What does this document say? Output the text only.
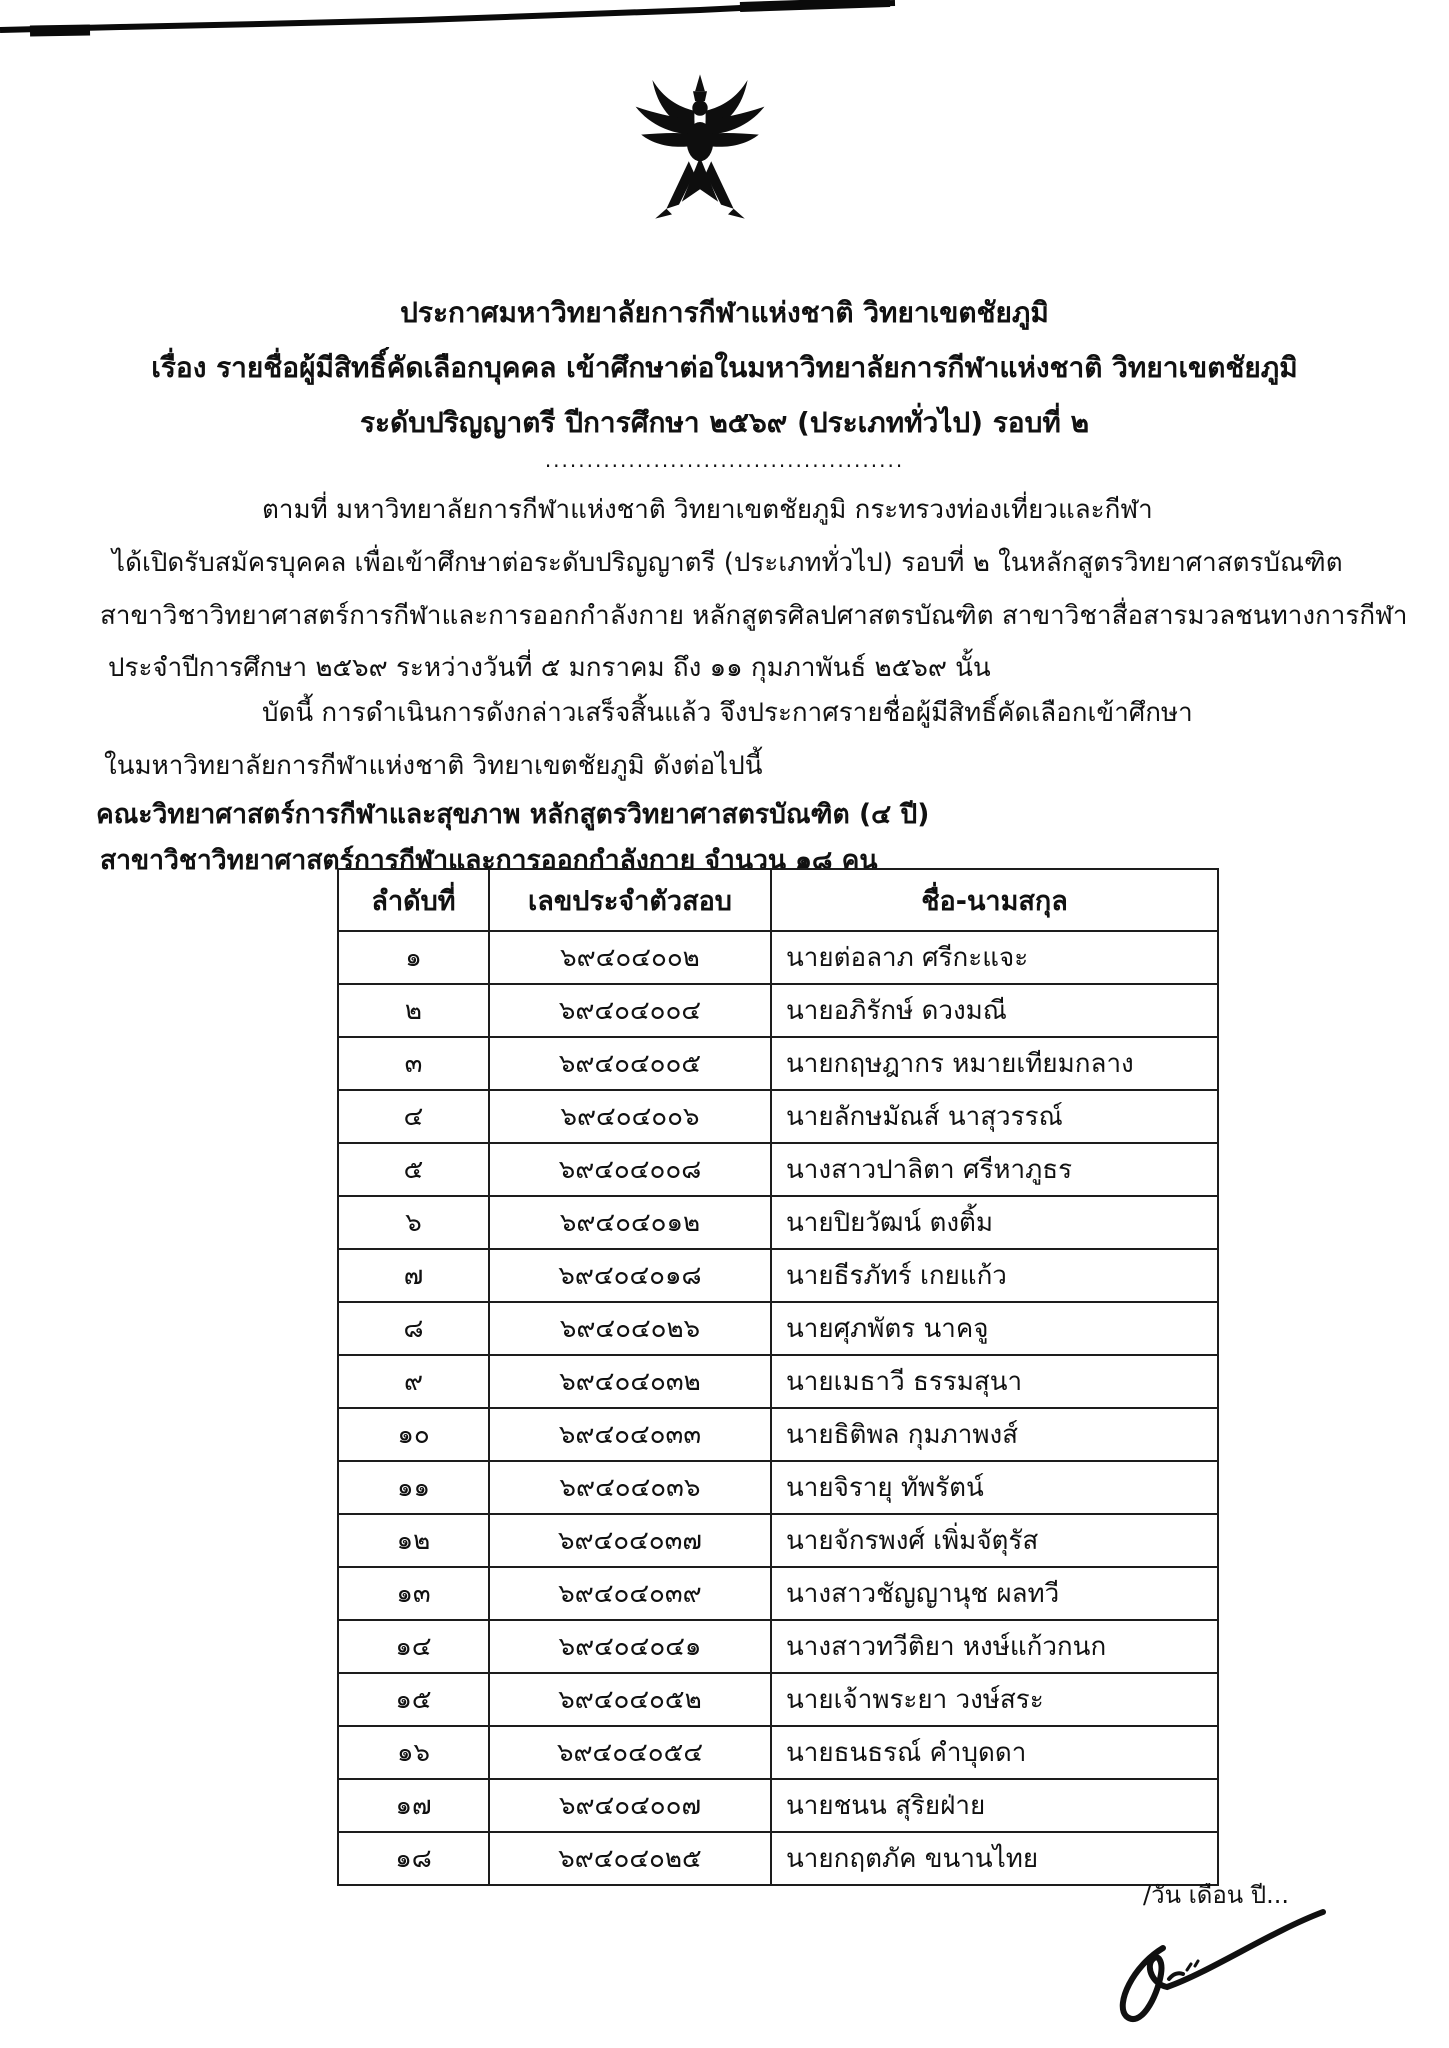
ประกาศมหาวิทยาลัยการกีฬาแห่งชาติ วิทยาเขตชัยภูมิ
เรื่อง รายชื่อผู้มีสิทธิ์คัดเลือกบุคคล เข้าศึกษาต่อในมหาวิทยาลัยการกีฬาแห่งชาติ วิทยาเขตชัยภูมิ
ระดับปริญญาตรี ปีการศึกษา ๒๕๖๙ (ประเภททั่วไป) รอบที่ ๒
...........................................
ตามที่ มหาวิทยาลัยการกีฬาแห่งชาติ วิทยาเขตชัยภูมิ กระทรวงท่องเที่ยวและกีฬา
ได้เปิดรับสมัครบุคคล เพื่อเข้าศึกษาต่อระดับปริญญาตรี (ประเภททั่วไป) รอบที่ ๒ ในหลักสูตรวิทยาศาสตรบัณฑิต
สาขาวิชาวิทยาศาสตร์การกีฬาและการออกกำลังกาย หลักสูตรศิลปศาสตรบัณฑิต สาขาวิชาสื่อสารมวลชนทางการกีฬา
ประจำปีการศึกษา ๒๕๖๙ ระหว่างวันที่ ๕ มกราคม ถึง ๑๑ กุมภาพันธ์ ๒๕๖๙ นั้น
บัดนี้ การดำเนินการดังกล่าวเสร็จสิ้นแล้ว จึงประกาศรายชื่อผู้มีสิทธิ์คัดเลือกเข้าศึกษา
ในมหาวิทยาลัยการกีฬาแห่งชาติ วิทยาเขตชัยภูมิ ดังต่อไปนี้
คณะวิทยาศาสตร์การกีฬาและสุขภาพ หลักสูตรวิทยาศาสตรบัณฑิต (๔ ปี)
สาขาวิชาวิทยาศาสตร์การกีฬาและการออกกำลังกาย จำนวน ๑๘ คน
ลำดับที่	เลขประจำตัวสอบ	ชื่อ-นามสกุล
๑	๖๙๔๐๔๐๐๒	นายต่อลาภ ศรีกะแจะ
๒	๖๙๔๐๔๐๐๔	นายอภิรักษ์ ดวงมณี
๓	๖๙๔๐๔๐๐๕	นายกฤษฎากร หมายเทียมกลาง
๔	๖๙๔๐๔๐๐๖	นายลักษมัณส์ นาสุวรรณ์
๕	๖๙๔๐๔๐๐๘	นางสาวปาลิตา ศรีหาภูธร
๖	๖๙๔๐๔๐๑๒	นายปิยวัฒน์ ตงติ้ม
๗	๖๙๔๐๔๐๑๘	นายธีรภัทร์ เกยแก้ว
๘	๖๙๔๐๔๐๒๖	นายศุภพัตร นาคจู
๙	๖๙๔๐๔๐๓๒	นายเมธาวี ธรรมสุนา
๑๐	๖๙๔๐๔๐๓๓	นายธิติพล กุมภาพงส์
๑๑	๖๙๔๐๔๐๓๖	นายจิรายุ ทัพรัตน์
๑๒	๖๙๔๐๔๐๓๗	นายจักรพงศ์ เพิ่มจัตุรัส
๑๓	๖๙๔๐๔๐๓๙	นางสาวชัญญานุช ผลทวี
๑๔	๖๙๔๐๔๐๔๑	นางสาวทวีติยา หงษ์แก้วกนก
๑๕	๖๙๔๐๔๐๕๒	นายเจ้าพระยา วงษ์สระ
๑๖	๖๙๔๐๔๐๕๔	นายธนธรณ์ คำบุดดา
๑๗	๖๙๔๐๔๐๐๗	นายชนน สุริยฝ่าย
๑๘	๖๙๔๐๔๐๒๕	นายกฤตภัค ขนานไทย
/วัน เดือน ปี...
